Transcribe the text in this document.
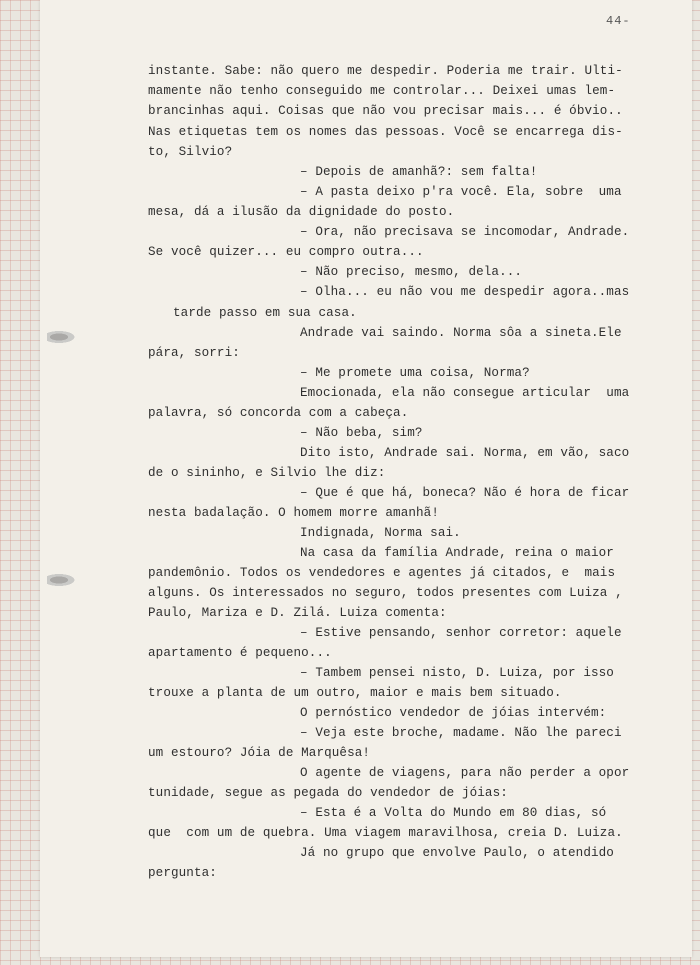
44-
instante. Sabe: não quero me despedir. Poderia me trair. Ulti-
mamente não tenho conseguido me controlar... Deixei umas lem-
brancinhas aqui. Coisas que não vou precisar mais... é óbvio..
Nas etiquetas tem os nomes das pessoas. Você se encarrega dis-
to, Silvio?
– Depois de amanhã?: sem falta!
– A pasta deixo p'ra você. Ela, sobre  uma
mesa, dá a ilusão da dignidade do posto.
– Ora, não precisava se incomodar, Andrade.
Se você quizer... eu compro outra...
– Não preciso, mesmo, dela...
– Olha... eu não vou me despedir agora..mas
tarde passo em sua casa.
Andrade vai saindo. Norma sôa a sineta.Ele
pára, sorri:
– Me promete uma coisa, Norma?
Emocionada, ela não consegue articular  uma
palavra, só concorda com a cabeça.
– Não beba, sim?
Dito isto, Andrade sai. Norma, em vão, saco
de o sininho, e Silvio lhe diz:
– Que é que há, boneca? Não é hora de ficar
nesta badalação. O homem morre amanhã!
Indignada, Norma sai.
Na casa da família Andrade, reina o maior
pandemônio. Todos os vendedores e agentes já citados, e  mais
alguns. Os interessados no seguro, todos presentes com Luiza ,
Paulo, Mariza e D. Zilá. Luiza comenta:
– Estive pensando, senhor corretor: aquele
apartamento é pequeno...
– Tambem pensei nisto, D. Luiza, por isso
trouxe a planta de um outro, maior e mais bem situado.
O pernóstico vendedor de jóias intervém:
– Veja este broche, madame. Não lhe pareci
um estouro? Jóia de Marquêsa!
O agente de viagens, para não perder a opor
tunidade, segue as pegada do vendedor de jóias:
– Esta é a Volta do Mundo em 80 dias, só
que  com um de quebra. Uma viagem maravilhosa, creia D. Luiza.
Já no grupo que envolve Paulo, o atendido
pergunta:
